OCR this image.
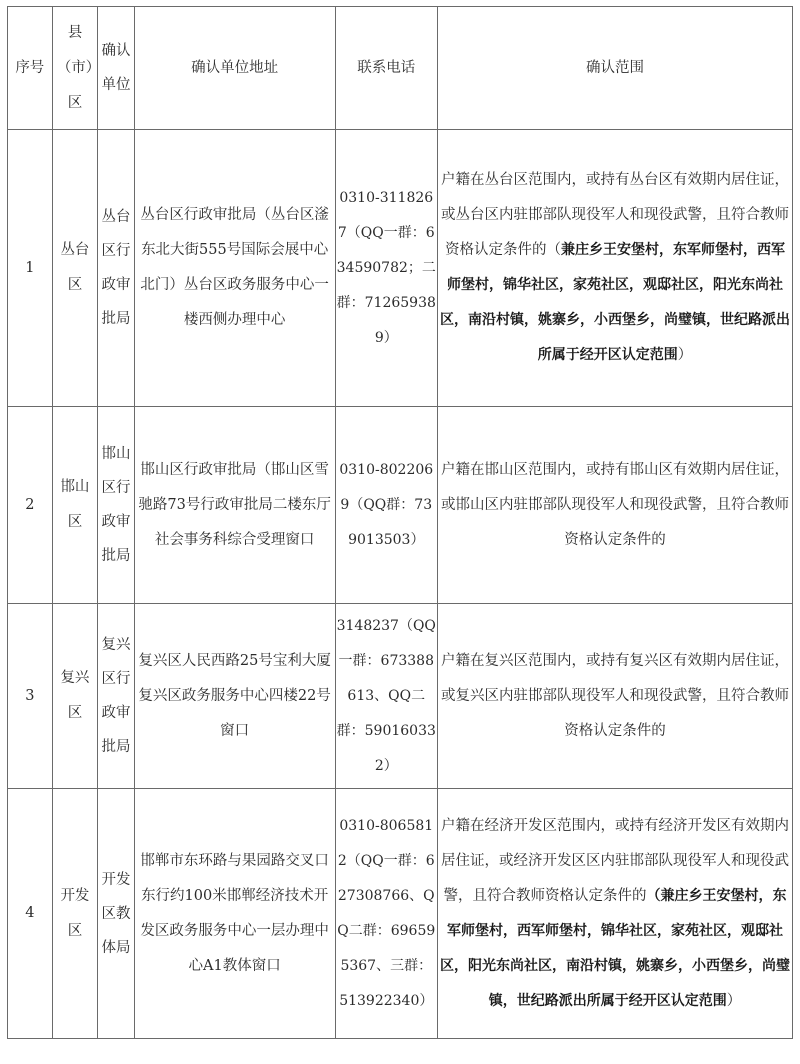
序号	县（市）区	确认单位	确认单位地址	联系电话	确认范围
1	丛台区	丛台区行政审批局	丛台区行政审批局（丛台区滏东北大街555号国际会展中心北门）丛台区政务服务中心一楼西侧办理中心	0310-3118267（QQ一群：634590782；二群：712659389）	户籍在丛台区范围内，或持有丛台区有效期内居住证，或丛台区内驻邯部队现役军人和现役武警，且符合教师资格认定条件的（兼庄乡王安堡村，东军师堡村，西军师堡村，锦华社区，家苑社区，观邸社区，阳光东尚社区，南沿村镇，姚寨乡，小西堡乡，尚璧镇，世纪路派出所属于经开区认定范围）
2	邯山区	邯山区行政审批局	邯山区行政审批局（邯山区雪驰路73号行政审批局二楼东厅社会事务科综合受理窗口	0310-8022069（QQ群：739013503）	户籍在邯山区范围内，或持有邯山区有效期内居住证，或邯山区内驻邯部队现役军人和现役武警，且符合教师资格认定条件的
3	复兴区	复兴区行政审批局	复兴区人民西路25号宝利大厦复兴区政务服务中心四楼22号窗口	3148237（QQ一群：673388613、QQ二群：590160332）	户籍在复兴区范围内，或持有复兴区有效期内居住证，或复兴区内驻邯部队现役军人和现役武警，且符合教师资格认定条件的
4	开发区	开发区教体局	邯郸市东环路与果园路交叉口东行约100米邯郸经济技术开发区政务服务中心一层办理中心A1教体窗口	0310-8065812（QQ一群：627308766、QQ二群：696595367、三群：513922340）	户籍在经济开发区范围内，或持有经济开发区有效期内居住证，或经济开发区区内驻邯部队现役军人和现役武警，且符合教师资格认定条件的（兼庄乡王安堡村，东军师堡村，西军师堡村，锦华社区，家苑社区，观邸社区，阳光东尚社区，南沿村镇，姚寨乡，小西堡乡，尚璧镇，世纪路派出所属于经开区认定范围）
